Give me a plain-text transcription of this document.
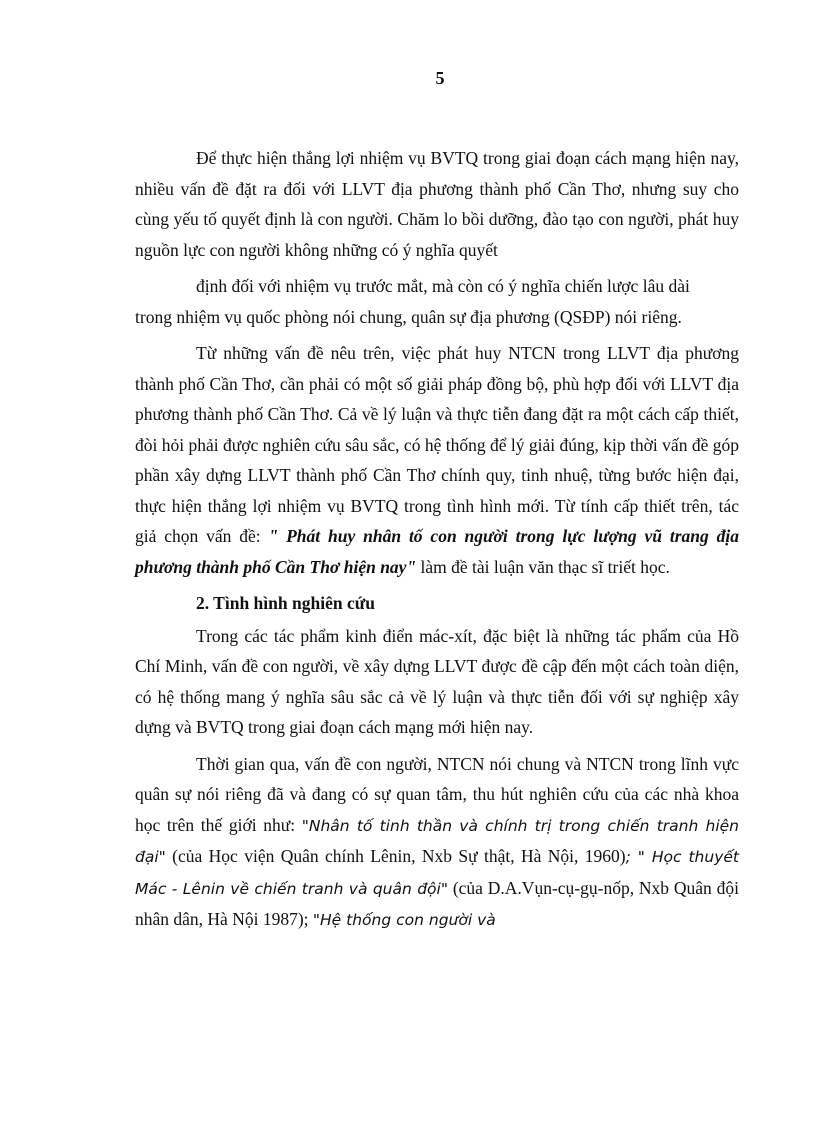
5

Để thực hiện thắng lợi nhiệm vụ BVTQ trong giai đoạn cách mạng hiện nay, nhiều vấn đề đặt ra đối với LLVT địa phương thành phố Cần Thơ, nhưng suy cho cùng yếu tố quyết định là con người. Chăm lo bồi dưỡng, đào tạo con người, phát huy nguồn lực con người không những có ý nghĩa quyết

định đối với nhiệm vụ trước mắt, mà còn có ý nghĩa chiến lược lâu dài

trong nhiệm vụ quốc phòng nói chung, quân sự địa phương (QSĐP) nói riêng.

Từ những vấn đề nêu trên, việc phát huy NTCN trong LLVT địa phương thành phố Cần Thơ, cần phải có một số giải pháp đồng bộ, phù hợp đối với LLVT địa phương thành phố Cần Thơ. Cả về lý luận và thực tiễn đang đặt ra một cách cấp thiết, đòi hỏi phải được nghiên cứu sâu sắc, có hệ thống để lý giải đúng, kịp thời vấn đề góp phần xây dựng LLVT thành phố Cần Thơ chính quy, tinh nhuệ, từng bước hiện đại, thực hiện thắng lợi nhiệm vụ BVTQ trong tình hình mới. Từ tính cấp thiết trên, tác giả chọn vấn đề: " Phát huy nhân tố con người trong lực lượng vũ trang địa phương thành phố Cần Thơ hiện nay" làm đề tài luận văn thạc sĩ triết học.

2. Tình hình nghiên cứu

Trong các tác phẩm kinh điển mác-xít, đặc biệt là những tác phẩm của Hồ Chí Minh, vấn đề con người, về xây dựng LLVT được đề cập đến một cách toàn diện, có hệ thống mang ý nghĩa sâu sắc cả về lý luận và thực tiễn đối với sự nghiệp xây dựng và BVTQ trong giai đoạn cách mạng mới hiện nay.

Thời gian qua, vấn đề con người, NTCN nói chung và NTCN trong lĩnh vực quân sự nói riêng đã và đang có sự quan tâm, thu hút nghiên cứu của các nhà khoa học trên thế giới như: "Nhân tố tinh thần và chính trị trong chiến tranh hiện đại" (của Học viện Quân chính Lênin, Nxb Sự thật, Hà Nội, 1960); " Học thuyết Mác - Lênin về chiến tranh và quân đội" (của D.A.Vụn-cụ-gụ-nốp, Nxb Quân đội nhân dân, Hà Nội 1987); "Hệ thống con người và
